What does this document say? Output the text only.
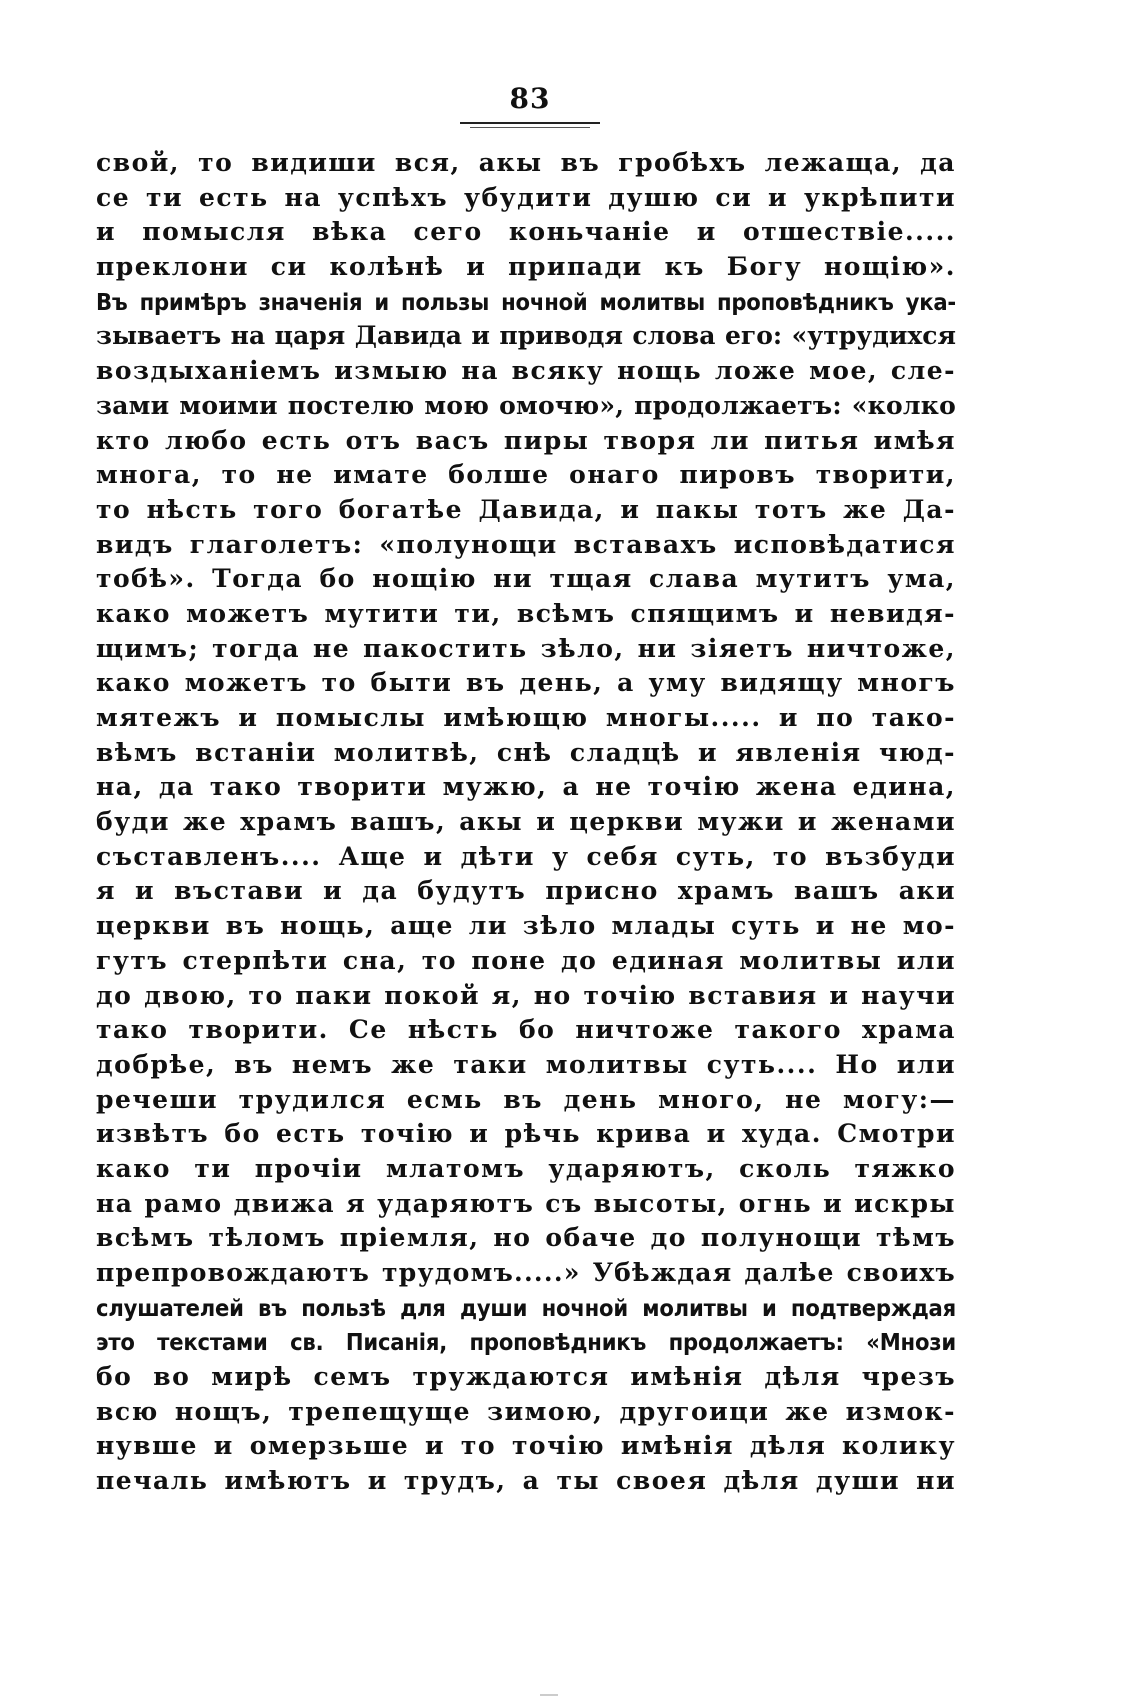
83
свой, то видиши вся, акы въ гробѣхъ лежаща, да
се ти есть на успѣхъ убудити душю си и укрѣпити
и помысля вѣка сего коньчаніе и отшествіе.....
преклони си колѣнѣ и припади къ Богу нощію».
Въ примѣръ значенія и пользы ночной молитвы проповѣдникъ ука-
зываетъ на царя Давида и приводя слова его: «утрудихся
воздыханіемъ измыю на всяку нощь ложе мое, сле-
зами моими постелю мою омочю», продолжаетъ: «колко
кто любо есть отъ васъ пиры творя ли питья имѣя
многа, то не имате болше онаго пировъ творити,
то нѣсть того богатѣе Давида, и пакы тотъ же Да-
видъ глаголетъ: «полунощи вставахъ исповѣдатися
тобѣ». Тогда бо нощію ни тщая слава мутитъ ума,
како можетъ мутити ти, всѣмъ спящимъ и невидя-
щимъ; тогда не пакостить зѣло, ни зіяетъ ничтоже,
како можетъ то быти въ день, а уму видящу многъ
мятежъ и помыслы имѣющю многы..... и по тако-
вѣмъ встаніи молитвѣ, снѣ сладцѣ и явленія чюд-
на, да тако творити мужю, а не точію жена едина,
буди же храмъ вашъ, акы и церкви мужи и женами
съставленъ.... Аще и дѣти у себя суть, то възбуди
я и въстави и да будутъ присно храмъ вашъ аки
церкви въ нощь, аще ли зѣло млады суть и не мо-
гутъ стерпѣти сна, то поне до единая молитвы или
до двою, то паки покой я, но точію вставия и научи
тако творити. Се нѣсть бо ничтоже такого храма
добрѣе, въ немъ же таки молитвы суть.... Но или
речеши трудился есмь въ день много, не могу:—
извѣтъ бо есть точію и рѣчь крива и худа. Смотри
како ти прочіи млатомъ ударяютъ, сколь тяжко
на рамо движа я ударяютъ съ высоты, огнь и искры
всѣмъ тѣломъ пріемля, но обаче до полунощи тѣмъ
препровождаютъ трудомъ.....» Убѣждая далѣе своихъ
слушателей въ пользѣ для души ночной молитвы и подтверждая
это текстами св. Писанія, проповѣдникъ продолжаетъ: «Мнози
бо во мирѣ семъ труждаются имѣнія дѣля чрезъ
всю нощъ, трепещуще зимою, другоици же измок-
нувше и омерзьше и то точію имѣнія дѣля колику
печаль имѣютъ и трудъ, а ты своея дѣля души ни
